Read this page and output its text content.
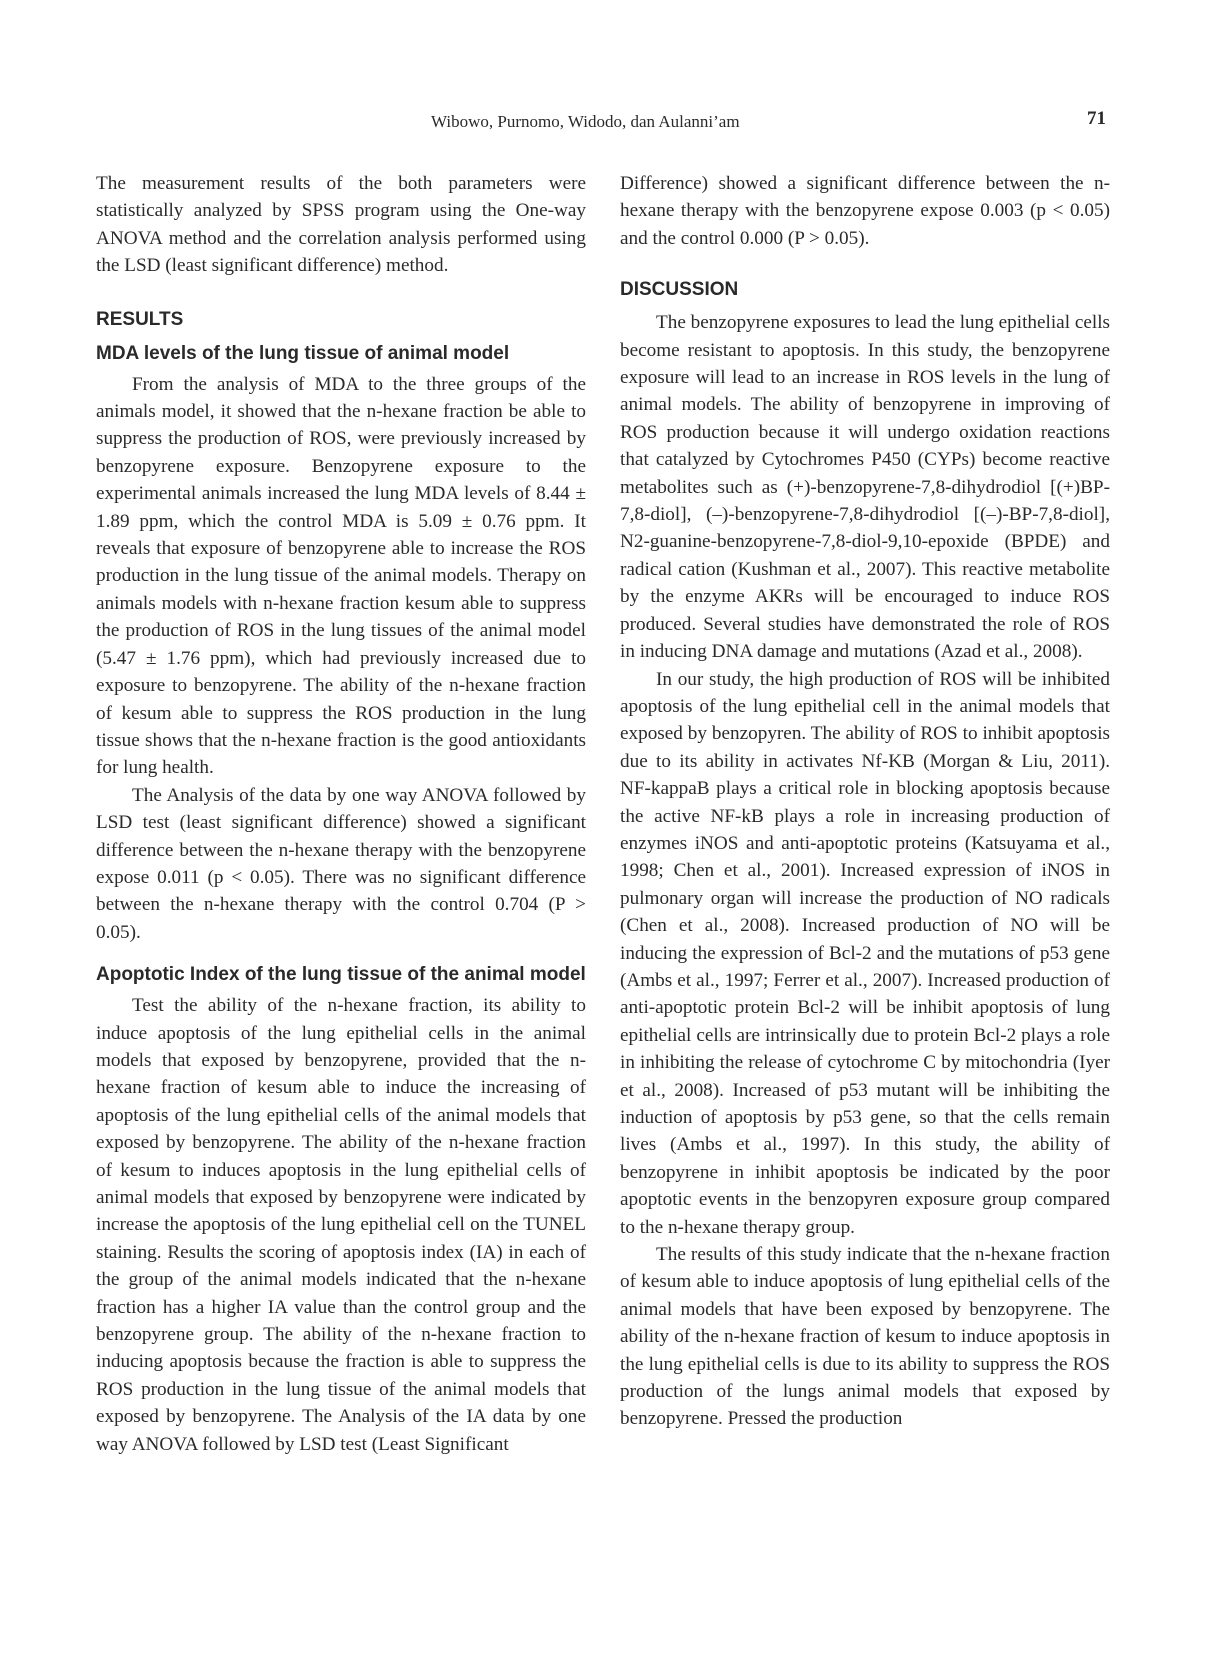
Wibowo, Purnomo, Widodo, dan Aulanni’am	71

The measurement results of the both parameters were statistically analyzed by SPSS program using the One-way ANOVA method and the correlation analysis performed using the LSD (least significant difference) method.

RESULTS
MDA levels of the lung tissue of animal model

From the analysis of MDA to the three groups of the animals model, it showed that the n-hexane fraction be able to suppress the production of ROS, were previously increased by benzopyrene exposure. Benzopyrene exposure to the experimental animals increased the lung MDA levels of 8.44 ± 1.89 ppm, which the control MDA is 5.09 ± 0.76 ppm. It reveals that exposure of benzopyrene able to increase the ROS production in the lung tissue of the animal models. Therapy on animals models with n-hexane fraction kesum able to suppress the production of ROS in the lung tissues of the animal model (5.47 ± 1.76 ppm), which had previously increased due to exposure to benzopyrene. The ability of the n-hexane fraction of kesum able to suppress the ROS production in the lung tissue shows that the n-hexane fraction is the good antioxidants for lung health.

The Analysis of the data by one way ANOVA followed by LSD test (least significant difference) showed a significant difference between the n-hexane therapy with the benzopyrene expose 0.011 (p < 0.05). There was no significant difference between the n-hexane therapy with the control 0.704 (P > 0.05).

Apoptotic Index of the lung tissue of the animal model

Test the ability of the n-hexane fraction, its ability to induce apoptosis of the lung epithelial cells in the animal models that exposed by benzopyrene, provided that the n-hexane fraction of kesum able to induce the increasing of apoptosis of the lung epithelial cells of the animal models that exposed by benzopyrene. The ability of the n-hexane fraction of kesum to induces apoptosis in the lung epithelial cells of animal models that exposed by benzopyrene were indicated by increase the apoptosis of the lung epithelial cell on the TUNEL staining. Results the scoring of apoptosis index (IA) in each of the group of the animal models indicated that the n-hexane fraction has a higher IA value than the control group and the benzopyrene group. The ability of the n-hexane fraction to inducing apoptosis because the fraction is able to suppress the ROS production in the lung tissue of the animal models that exposed by benzopyrene. The Analysis of the IA data by one way ANOVA followed by LSD test (Least Significant

Difference) showed a significant difference between the n-hexane therapy with the benzopyrene expose 0.003 (p < 0.05) and the control 0.000 (P > 0.05).

DISCUSSION

The benzopyrene exposures to lead the lung epithelial cells become resistant to apoptosis. In this study, the benzopyrene exposure will lead to an increase in ROS levels in the lung of animal models. The ability of benzopyrene in improving of ROS production because it will undergo oxidation reactions that catalyzed by Cytochromes P450 (CYPs) become reactive metabolites such as (+)-benzopyrene-7,8-dihydrodiol [(+)BP-7,8-diol], (–)-benzopyrene-7,8-dihydrodiol [(–)-BP-7,8-diol], N2-guanine-benzopyrene-7,8-diol-9,10-epoxide (BPDE) and radical cation (Kushman et al., 2007). This reactive metabolite by the enzyme AKRs will be encouraged to induce ROS produced. Several studies have demonstrated the role of ROS in inducing DNA damage and mutations (Azad et al., 2008).

In our study, the high production of ROS will be inhibited apoptosis of the lung epithelial cell in the animal models that exposed by benzopyren. The ability of ROS to inhibit apoptosis due to its ability in activates Nf-KB (Morgan & Liu, 2011). NF-kappaB plays a critical role in blocking apoptosis because the active NF-kB plays a role in increasing production of enzymes iNOS and anti-apoptotic proteins (Katsuyama et al., 1998; Chen et al., 2001). Increased expression of iNOS in pulmonary organ will increase the production of NO radicals (Chen et al., 2008). Increased production of NO will be inducing the expression of Bcl-2 and the mutations of p53 gene (Ambs et al., 1997; Ferrer et al., 2007). Increased production of anti-apoptotic protein Bcl-2 will be inhibit apoptosis of lung epithelial cells are intrinsically due to protein Bcl-2 plays a role in inhibiting the release of cytochrome C by mitochondria (Iyer et al., 2008). Increased of p53 mutant will be inhibiting the induction of apoptosis by p53 gene, so that the cells remain lives (Ambs et al., 1997). In this study, the ability of benzopyrene in inhibit apoptosis be indicated by the poor apoptotic events in the benzopyren exposure group compared to the n-hexane therapy group.

The results of this study indicate that the n-hexane fraction of kesum able to induce apoptosis of lung epithelial cells of the animal models that have been exposed by benzopyrene. The ability of the n-hexane fraction of kesum to induce apoptosis in the lung epithelial cells is due to its ability to suppress the ROS production of the lungs animal models that exposed by benzopyrene. Pressed the production
